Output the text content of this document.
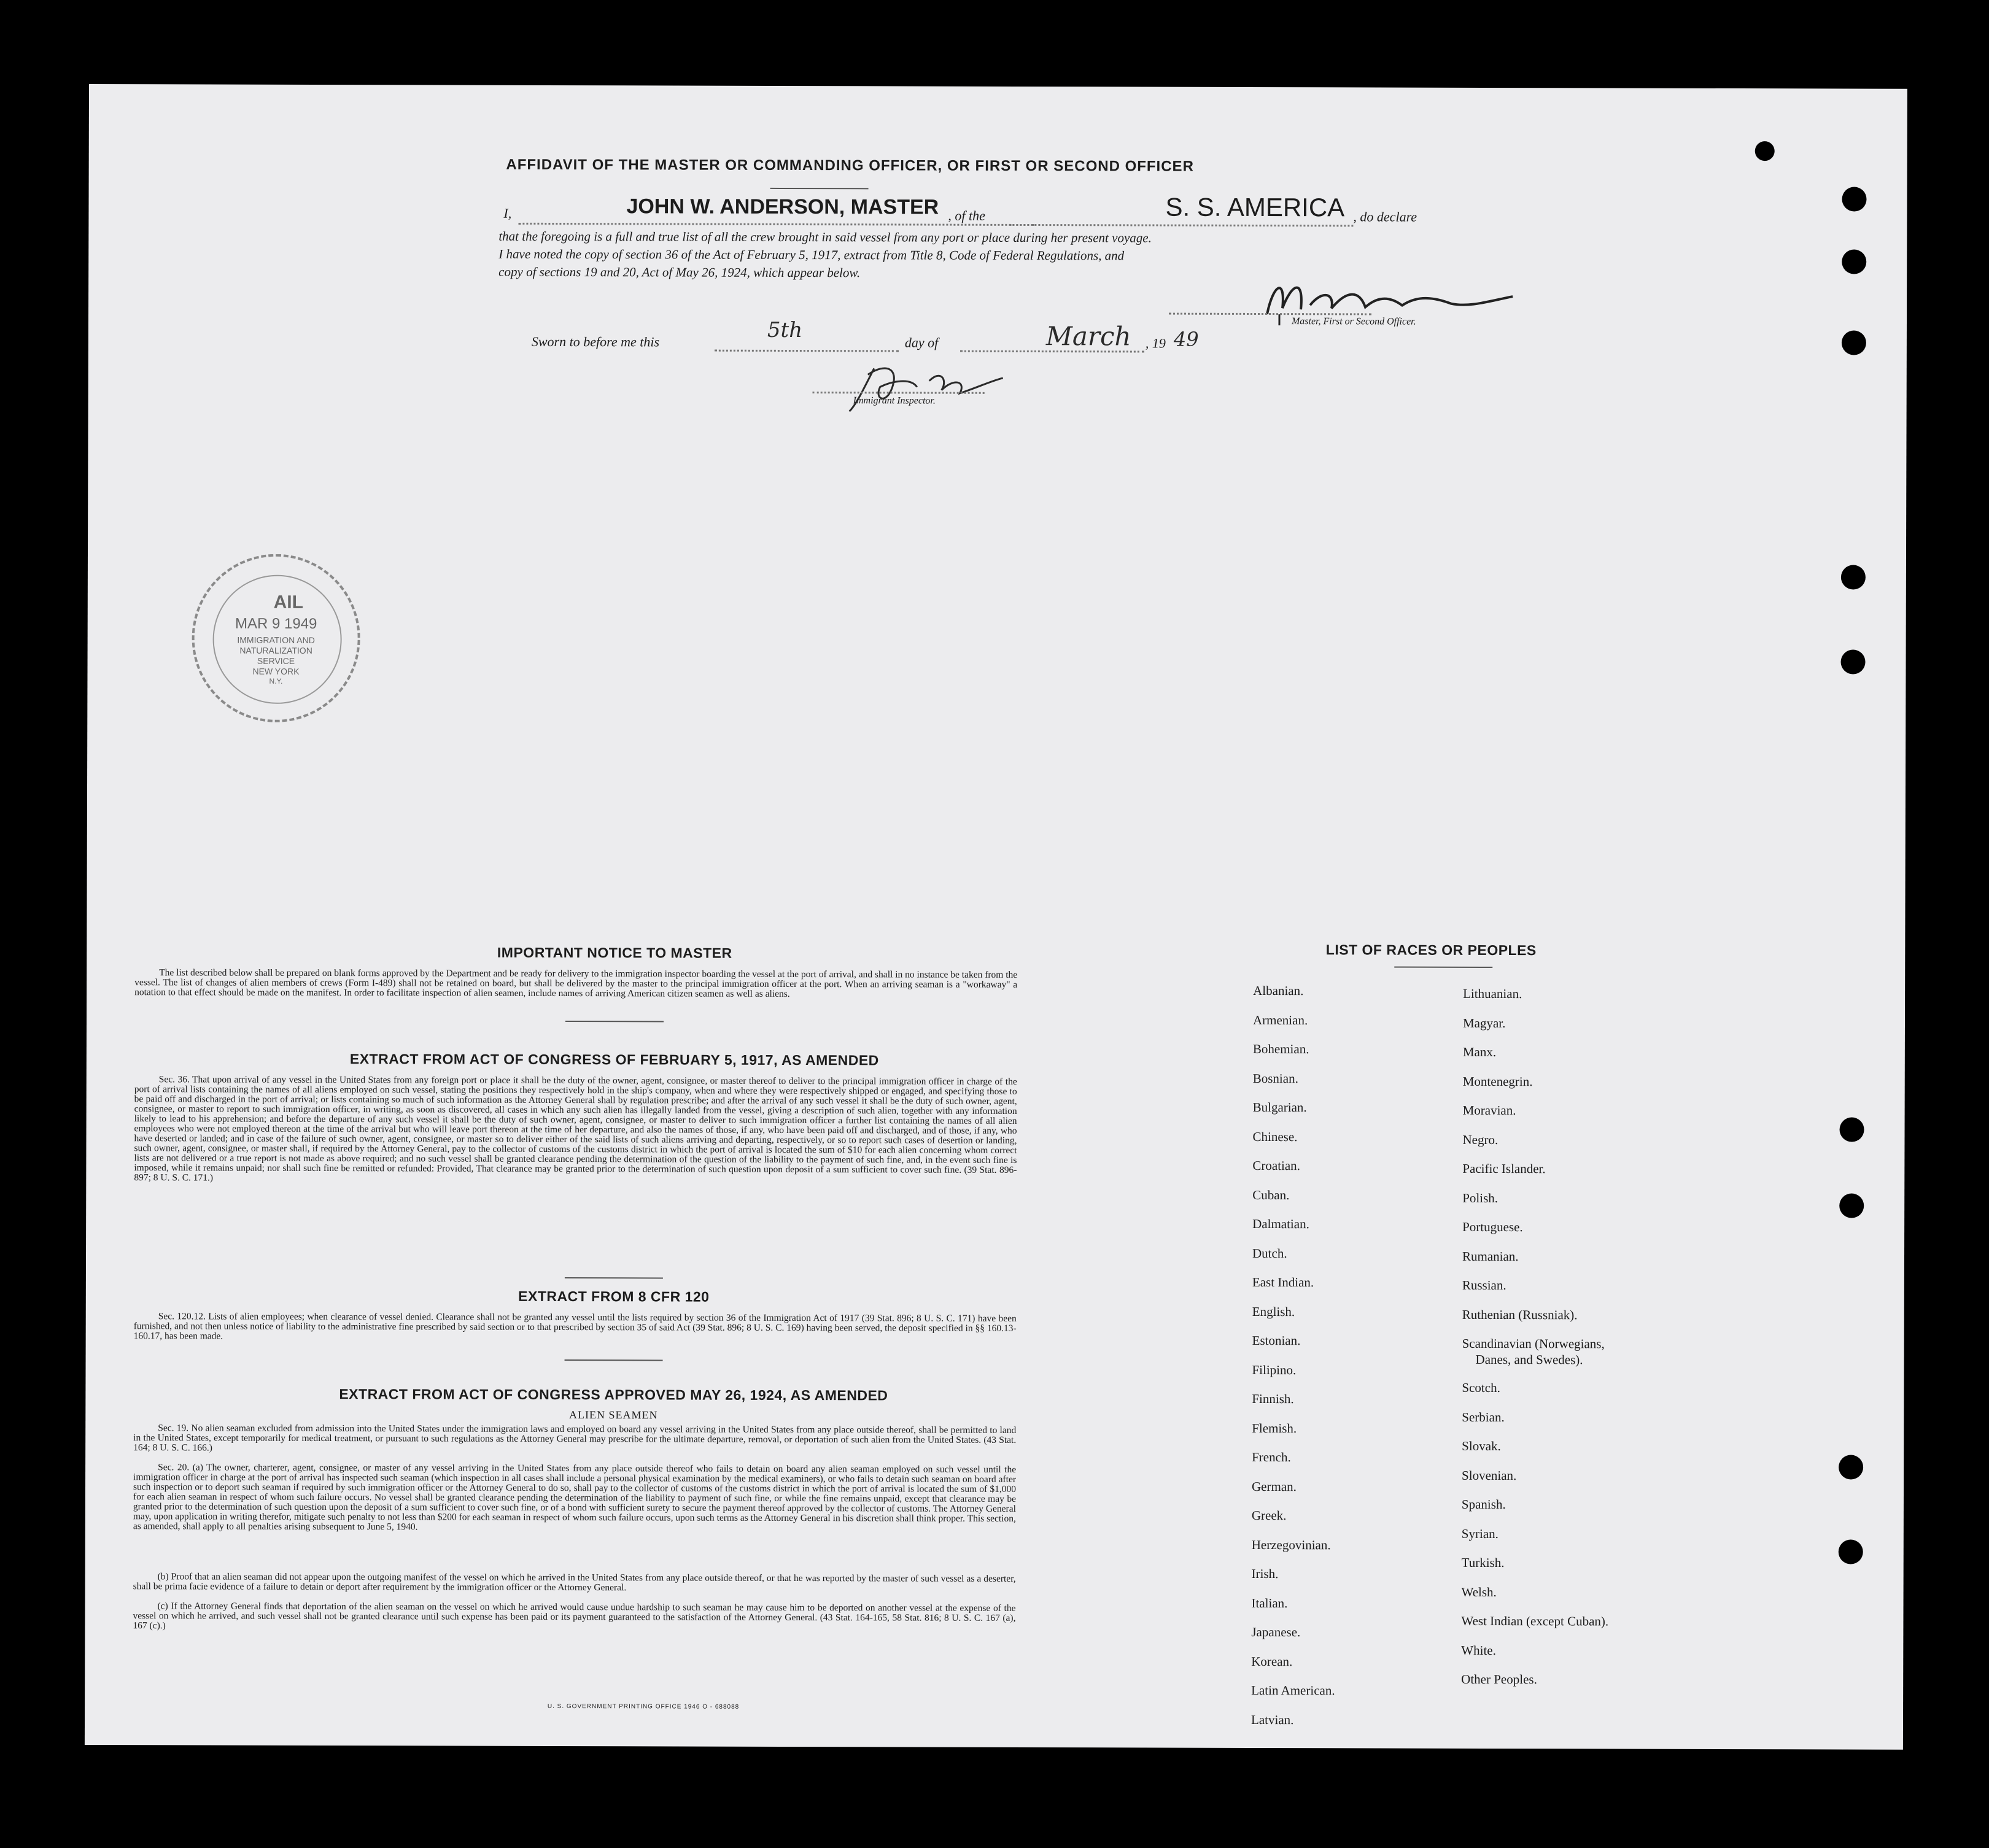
AFFIDAVIT OF THE MASTER OR COMMANDING OFFICER, OR FIRST OR SECOND OFFICER
I,	JOHN W. ANDERSON, MASTER , of the	S. S. AMERICA , do declare
that the foregoing is a full and true list of all the crew brought in said vessel from any port or place during her present voyage.
I have noted the copy of section 36 of the Act of February 5, 1917, extract from Title 8, Code of Federal Regulations, and
copy of sections 19 and 20, Act of May 26, 1924, which appear below.
Master, First or Second Officer.
Sworn to before me this	5th
day of	March , 19 49
Immigrant Inspector.
AIL
MAR 9 1949
IMMIGRATION AND
NATURALIZATION
SERVICE
NEW YORK
N.Y.
IMPORTANT NOTICE TO MASTER
The list described below shall be prepared on blank forms approved by the Department and be ready for delivery to the immigration inspector boarding the vessel at the port of arrival, and shall in no instance be taken from the vessel. The list of changes of alien members of crews (Form I-489) shall not be retained on board, but shall be delivered by the master to the principal immigration officer at the port. When an arriving seaman is a "workaway" a notation to that effect should be made on the manifest. In order to facilitate inspection of alien seamen, include names of arriving American citizen seamen as well as aliens.
EXTRACT FROM ACT OF CONGRESS OF FEBRUARY 5, 1917, AS AMENDED
Sec. 36. That upon arrival of any vessel in the United States from any foreign port or place it shall be the duty of the owner, agent, consignee, or master thereof to deliver to the principal immigration officer in charge of the port of arrival lists containing the names of all aliens employed on such vessel, stating the positions they respectively hold in the ship's company, when and where they were respectively shipped or engaged, and specifying those to be paid off and discharged in the port of arrival; or lists containing so much of such information as the Attorney General shall by regulation prescribe; and after the arrival of any such vessel it shall be the duty of such owner, agent, consignee, or master to report to such immigration officer, in writing, as soon as discovered, all cases in which any such alien has illegally landed from the vessel, giving a description of such alien, together with any information likely to lead to his apprehension; and before the departure of any such vessel it shall be the duty of such owner, agent, consignee, or master to deliver to such immigration officer a further list containing the names of all alien employees who were not employed thereon at the time of the arrival but who will leave port thereon at the time of her departure, and also the names of those, if any, who have been paid off and discharged, and of those, if any, who have deserted or landed; and in case of the failure of such owner, agent, consignee, or master so to deliver either of the said lists of such aliens arriving and departing, respectively, or so to report such cases of desertion or landing, such owner, agent, consignee, or master shall, if required by the Attorney General, pay to the collector of customs of the customs district in which the port of arrival is located the sum of $10 for each alien concerning whom correct lists are not delivered or a true report is not made as above required; and no such vessel shall be granted clearance pending the determination of the question of the liability to the payment of such fine, and, in the event such fine is imposed, while it remains unpaid; nor shall such fine be remitted or refunded: Provided, That clearance may be granted prior to the determination of such question upon deposit of a sum sufficient to cover such fine. (39 Stat. 896-897; 8 U. S. C. 171.)
EXTRACT FROM 8 CFR 120
Sec. 120.12. Lists of alien employees; when clearance of vessel denied. Clearance shall not be granted any vessel until the lists required by section 36 of the Immigration Act of 1917 (39 Stat. 896; 8 U. S. C. 171) have been furnished, and not then unless notice of liability to the administrative fine prescribed by said section or to that prescribed by section 35 of said Act (39 Stat. 896; 8 U. S. C. 169) having been served, the deposit specified in §§ 160.13-160.17, has been made.
EXTRACT FROM ACT OF CONGRESS APPROVED MAY 26, 1924, AS AMENDED
ALIEN SEAMEN
Sec. 19. No alien seaman excluded from admission into the United States under the immigration laws and employed on board any vessel arriving in the United States from any place outside thereof, shall be permitted to land in the United States, except temporarily for medical treatment, or pursuant to such regulations as the Attorney General may prescribe for the ultimate departure, removal, or deportation of such alien from the United States. (43 Stat. 164; 8 U. S. C. 166.)
Sec. 20. (a) The owner, charterer, agent, consignee, or master of any vessel arriving in the United States from any place outside thereof who fails to detain on board any alien seaman employed on such vessel until the immigration officer in charge at the port of arrival has inspected such seaman (which inspection in all cases shall include a personal physical examination by the medical examiners), or who fails to detain such seaman on board after such inspection or to deport such seaman if required by such immigration officer or the Attorney General to do so, shall pay to the collector of customs of the customs district in which the port of arrival is located the sum of $1,000 for each alien seaman in respect of whom such failure occurs. No vessel shall be granted clearance pending the determination of the liability to payment of such fine, or while the fine remains unpaid, except that clearance may be granted prior to the determination of such question upon the deposit of a sum sufficient to cover such fine, or of a bond with sufficient surety to secure the payment thereof approved by the collector of customs. The Attorney General may, upon application in writing therefor, mitigate such penalty to not less than $200 for each seaman in respect of whom such failure occurs, upon such terms as the Attorney General in his discretion shall think proper. This section, as amended, shall apply to all penalties arising subsequent to June 5, 1940.
(b) Proof that an alien seaman did not appear upon the outgoing manifest of the vessel on which he arrived in the United States from any place outside thereof, or that he was reported by the master of such vessel as a deserter, shall be prima facie evidence of a failure to detain or deport after requirement by the immigration officer or the Attorney General.
(c) If the Attorney General finds that deportation of the alien seaman on the vessel on which he arrived would cause undue hardship to such seaman he may cause him to be deported on another vessel at the expense of the vessel on which he arrived, and such vessel shall not be granted clearance until such expense has been paid or its payment guaranteed to the satisfaction of the Attorney General. (43 Stat. 164-165, 58 Stat. 816; 8 U. S. C. 167 (a), 167 (c).)
U. S. GOVERNMENT PRINTING OFFICE 1946 O - 688088
LIST OF RACES OR PEOPLES
Albanian.
Armenian.
Bohemian.
Bosnian.
Bulgarian.
Chinese.
Croatian.
Cuban.
Dalmatian.
Dutch.
East Indian.
English.
Estonian.
Filipino.
Finnish.
Flemish.
French.
German.
Greek.
Herzegovinian.
Irish.
Italian.
Japanese.
Korean.
Latin American.
Latvian.
Lithuanian.
Magyar.
Manx.
Montenegrin.
Moravian.
Negro.
Pacific Islander.
Polish.
Portuguese.
Rumanian.
Russian.
Ruthenian (Russniak).
Scandinavian (Norwegians,
Danes, and Swedes).
Scotch.
Serbian.
Slovak.
Slovenian.
Spanish.
Syrian.
Turkish.
Welsh.
West Indian (except Cuban).
White.
Other Peoples.
